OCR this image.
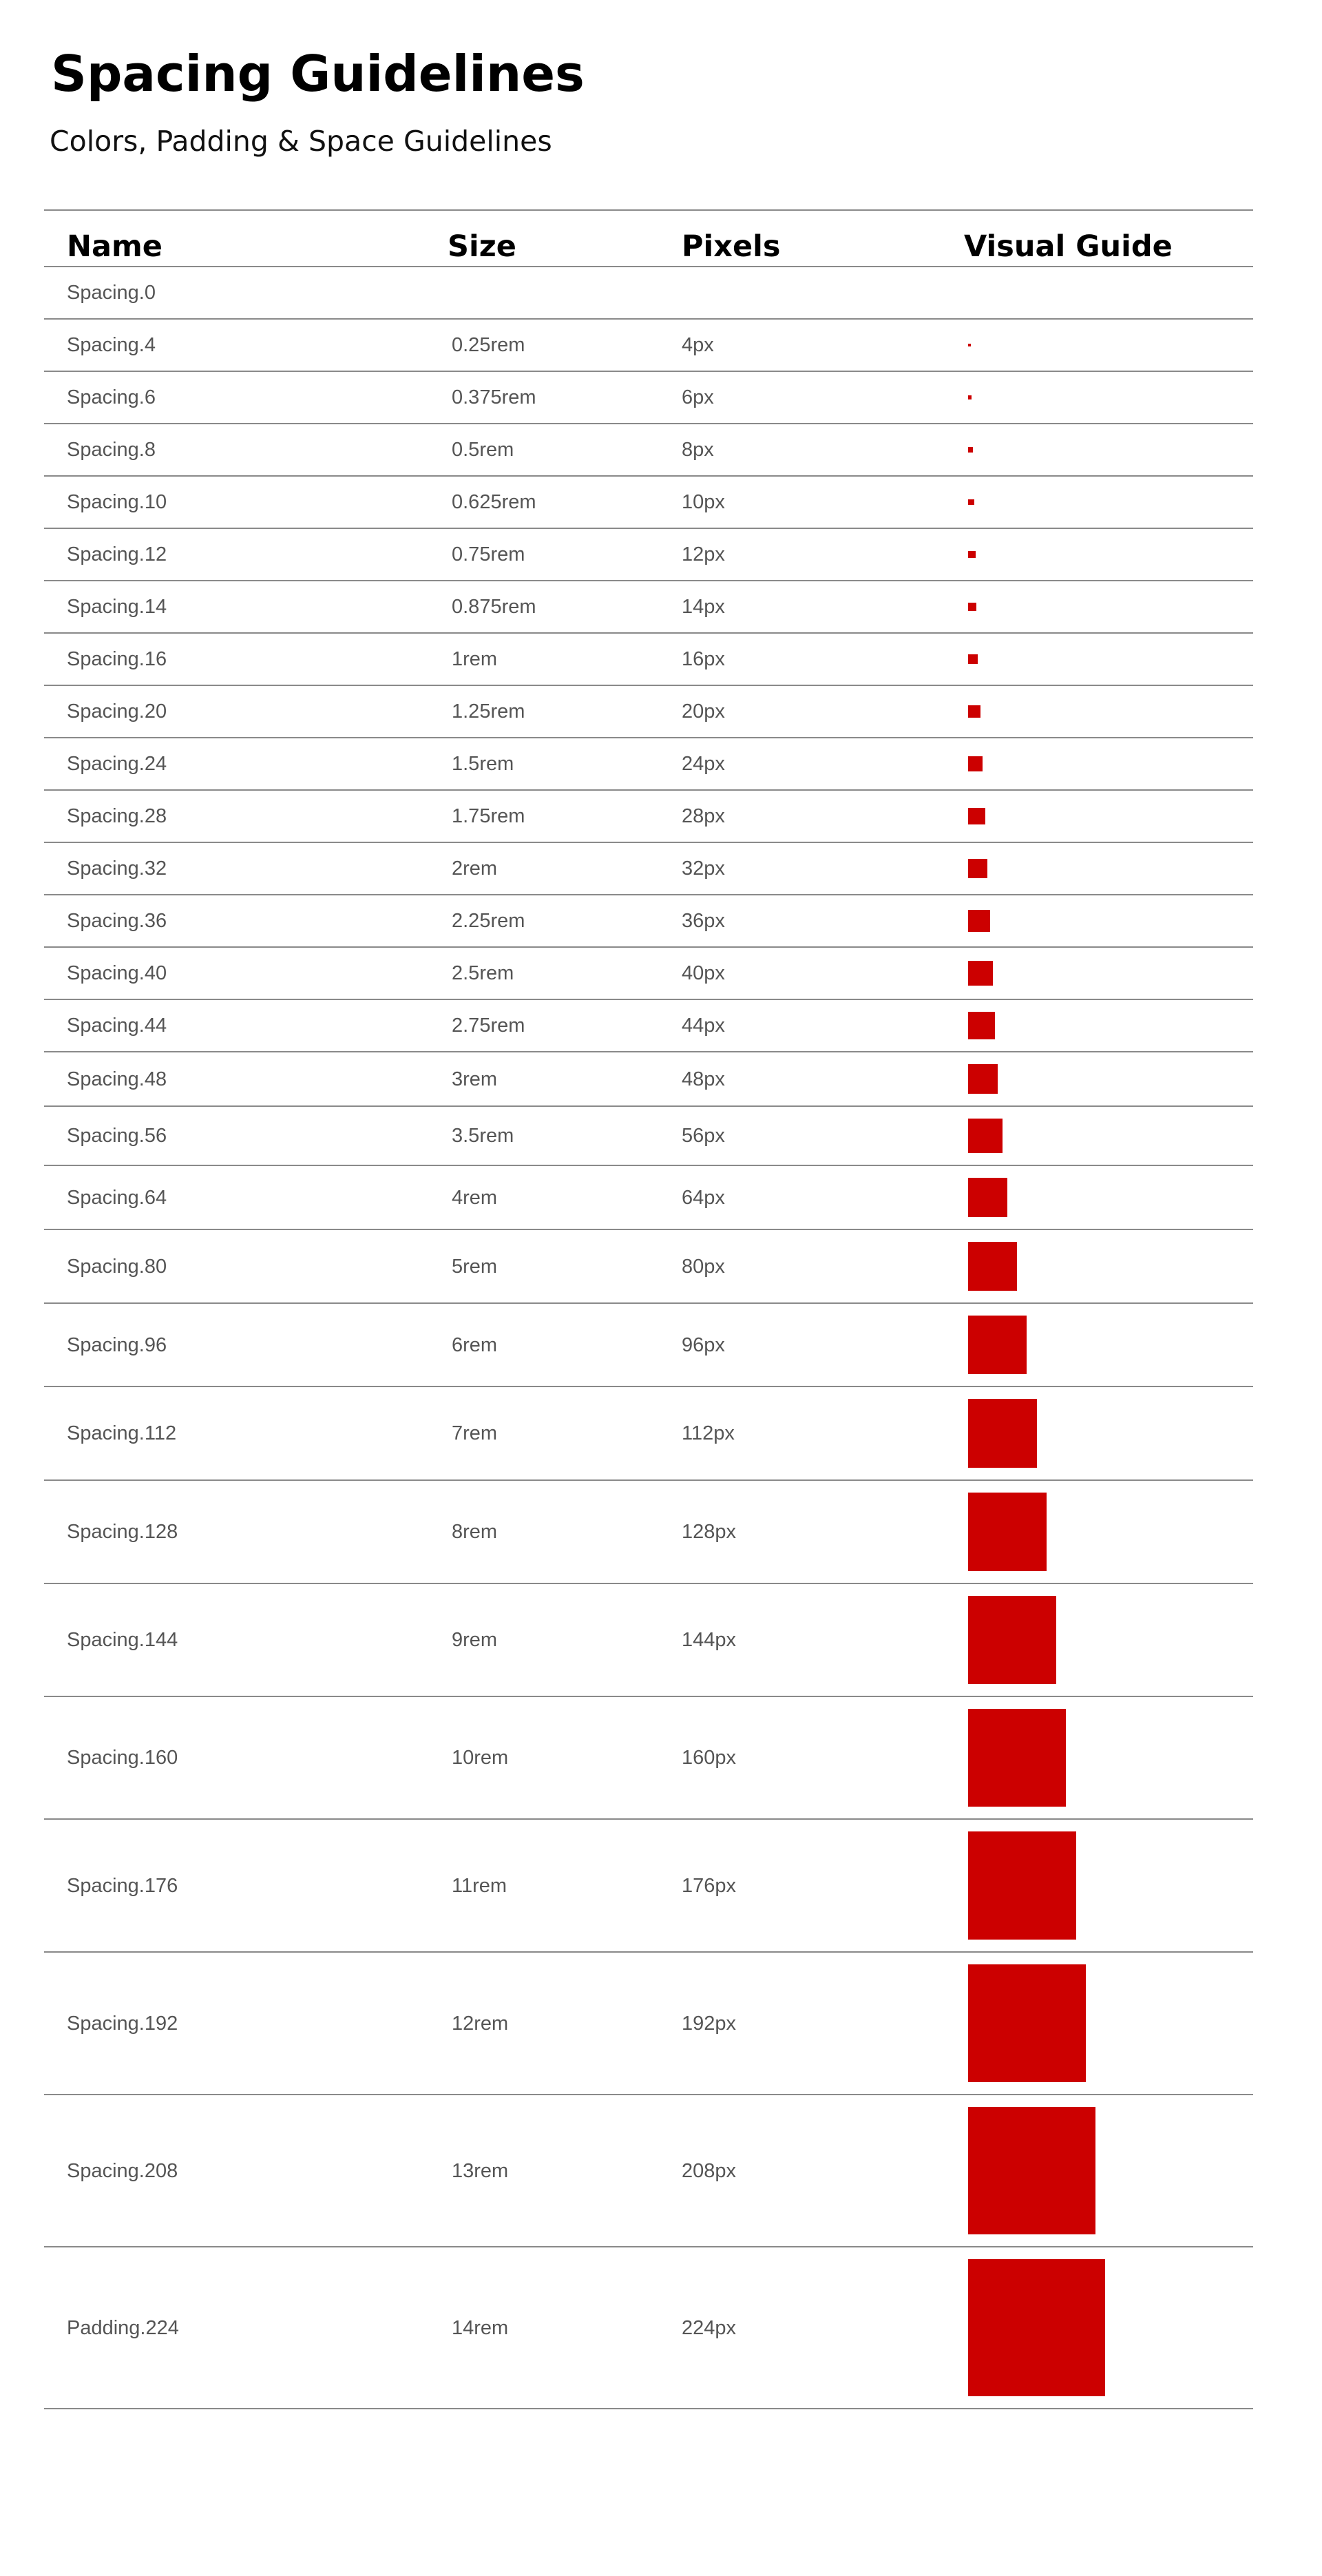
Spacing Guidelines

Colors, Padding & Space Guidelines

Name	Size	Pixels	Visual Guide
Spacing.0
Spacing.4	0.25rem	4px
Spacing.6	0.375rem	6px
Spacing.8	0.5rem	8px
Spacing.10	0.625rem	10px
Spacing.12	0.75rem	12px
Spacing.14	0.875rem	14px
Spacing.16	1rem	16px
Spacing.20	1.25rem	20px
Spacing.24	1.5rem	24px
Spacing.28	1.75rem	28px
Spacing.32	2rem	32px
Spacing.36	2.25rem	36px
Spacing.40	2.5rem	40px
Spacing.44	2.75rem	44px
Spacing.48	3rem	48px
Spacing.56	3.5rem	56px
Spacing.64	4rem	64px
Spacing.80	5rem	80px
Spacing.96	6rem	96px
Spacing.112	7rem	112px
Spacing.128	8rem	128px
Spacing.144	9rem	144px
Spacing.160	10rem	160px
Spacing.176	11rem	176px
Spacing.192	12rem	192px
Spacing.208	13rem	208px
Padding.224	14rem	224px
